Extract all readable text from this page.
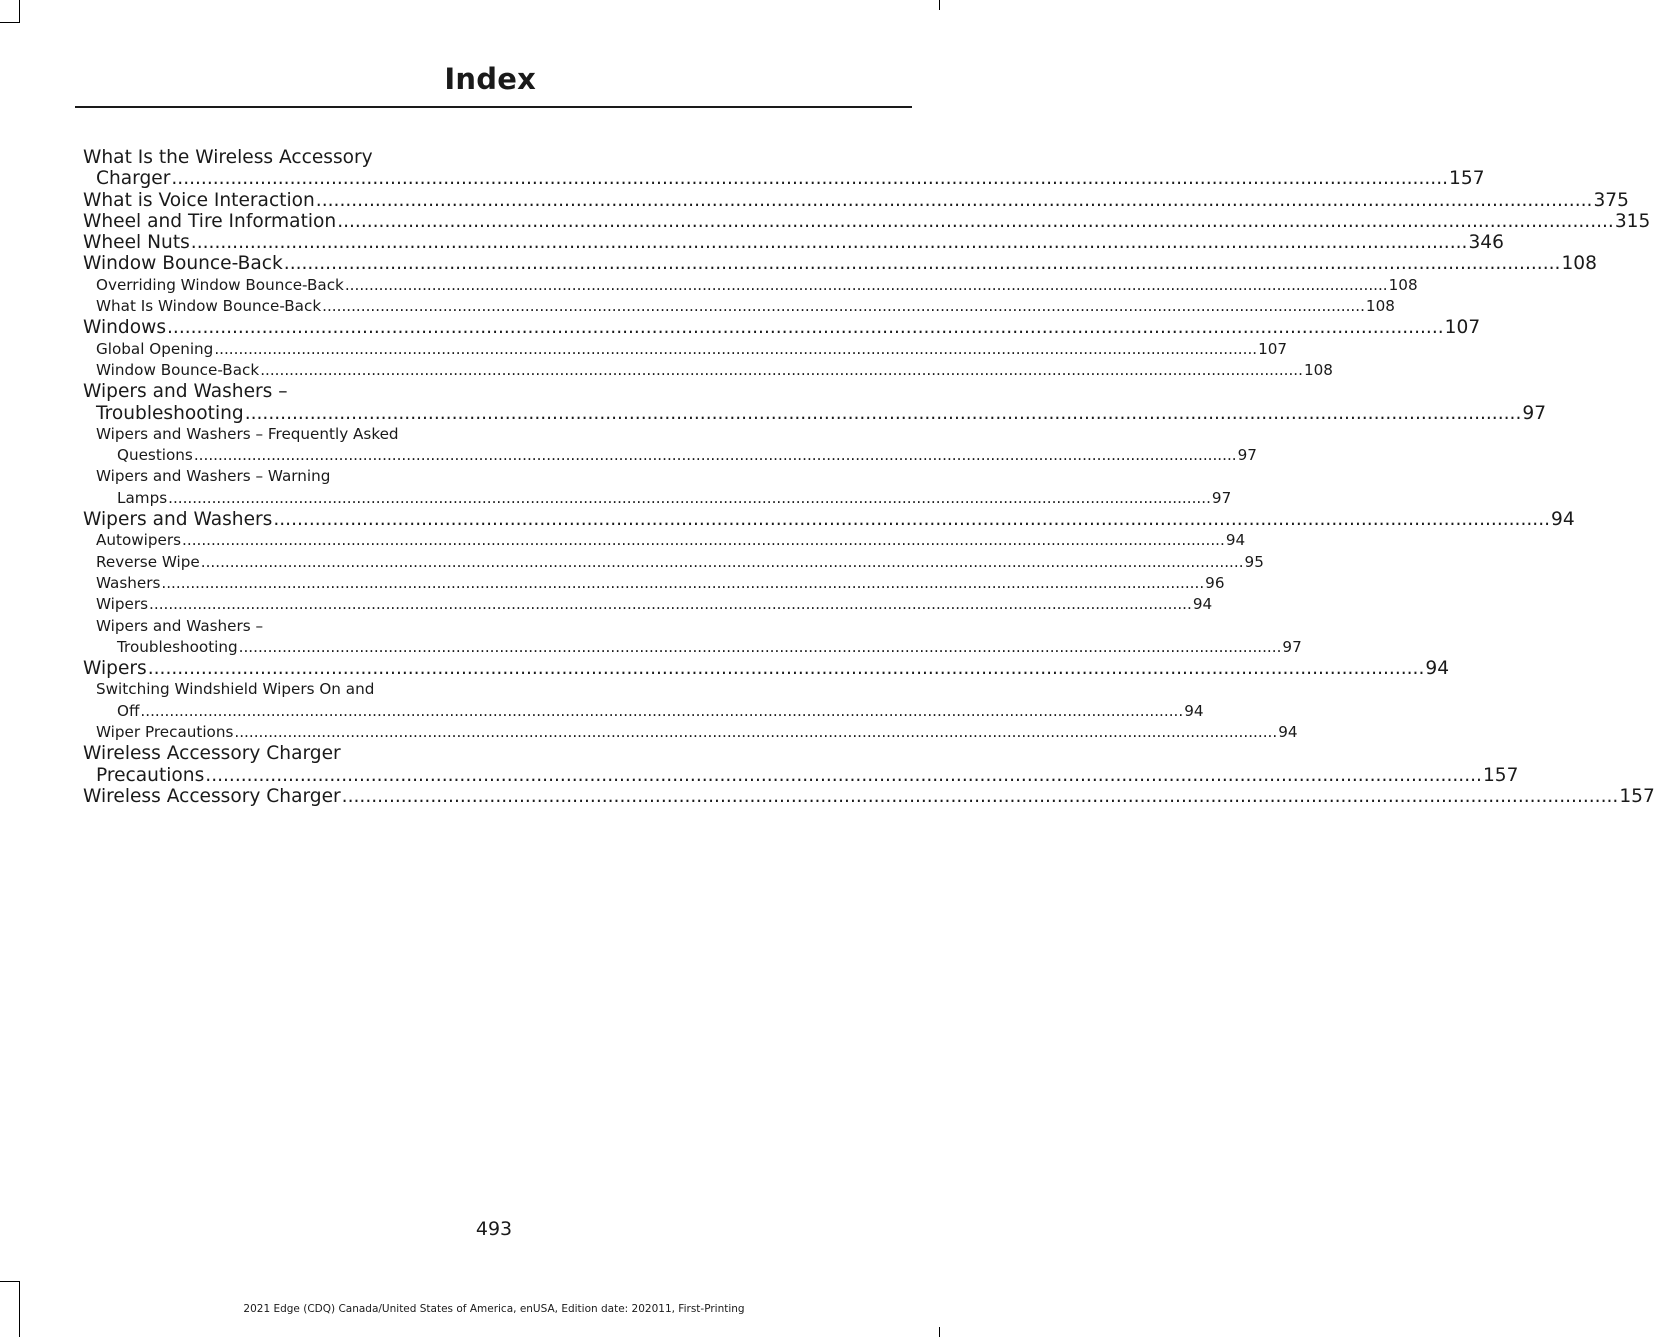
Index
What Is the Wireless Accessory
Charger .....	157
What is Voice Interaction .....	375
Wheel and Tire Information .....	315
Wheel Nuts .....	346
Window Bounce-Back .....	108
Overriding Window Bounce-Back .....	108
What Is Window Bounce-Back .....	108
Windows .....	107
Global Opening .....	107
Window Bounce-Back .....	108
Wipers and Washers –
Troubleshooting .....	97
Wipers and Washers – Frequently Asked
Questions .....	97
Wipers and Washers – Warning
Lamps .....	97
Wipers and Washers .....	94
Autowipers .....	94
Reverse Wipe .....	95
Washers .....	96
Wipers .....	94
Wipers and Washers –
Troubleshooting .....	97
Wipers .....	94
Switching Windshield Wipers On and
Off .....	94
Wiper Precautions .....	94
Wireless Accessory Charger
Precautions .....	157
Wireless Accessory Charger .....	157
493
2021 Edge (CDQ) Canada/United States of America, enUSA, Edition date: 202011, First-Printing
